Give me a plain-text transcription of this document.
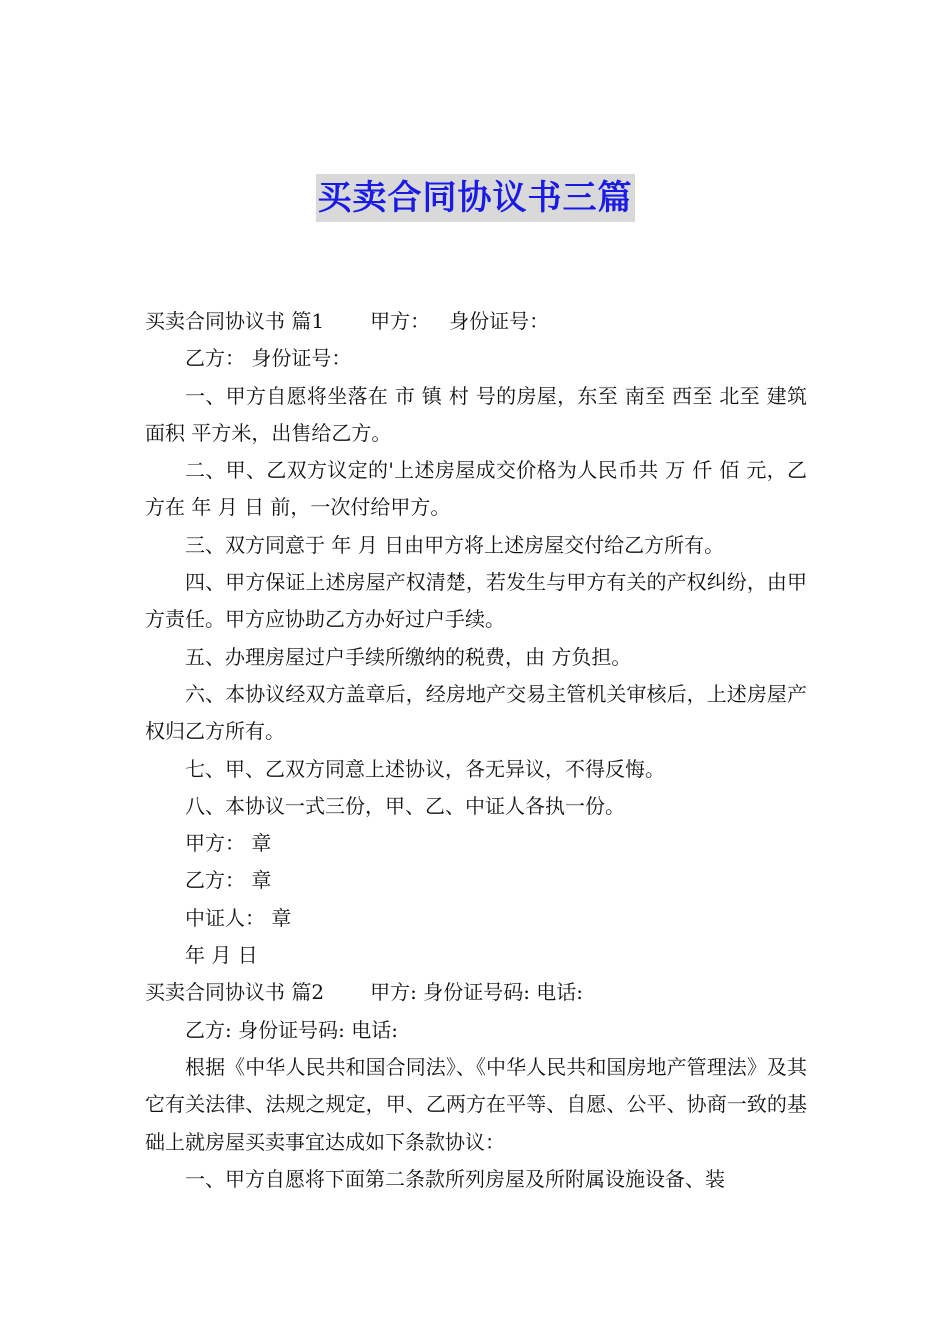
买卖合同协议书三篇

买卖合同协议书 篇1 甲方：   身份证号：

乙方： 身份证号：

一、甲方自愿将坐落在 市 镇 村 号的房屋，东至 南至 西至 北至 建筑面积 平方米，出售给乙方。

二、甲、乙双方议定的'上述房屋成交价格为人民币共 万 仟 佰 元，乙方在 年 月 日 前，一次付给甲方。

三、双方同意于 年 月 日由甲方将上述房屋交付给乙方所有。

四、甲方保证上述房屋产权清楚，若发生与甲方有关的产权纠纷，由甲方责任。甲方应协助乙方办好过户手续。

五、办理房屋过户手续所缴纳的税费，由 方负担。

六、本协议经双方盖章后，经房地产交易主管机关审核后，上述房屋产权归乙方所有。

七、甲、乙双方同意上述协议，各无异议，不得反悔。

八、本协议一式三份，甲、乙、中证人各执一份。

甲方： 章

乙方： 章

中证人： 章

年 月 日

买卖合同协议书 篇2 甲方: 身份证号码: 电话:

乙方: 身份证号码: 电话:

根据《中华人民共和国合同法》、《中华人民共和国房地产管理法》及其它有关法律、法规之规定，甲、乙两方在平等、自愿、公平、协商一致的基础上就房屋买卖事宜达成如下条款协议：

一、甲方自愿将下面第二条款所列房屋及所附属设施设备、装
